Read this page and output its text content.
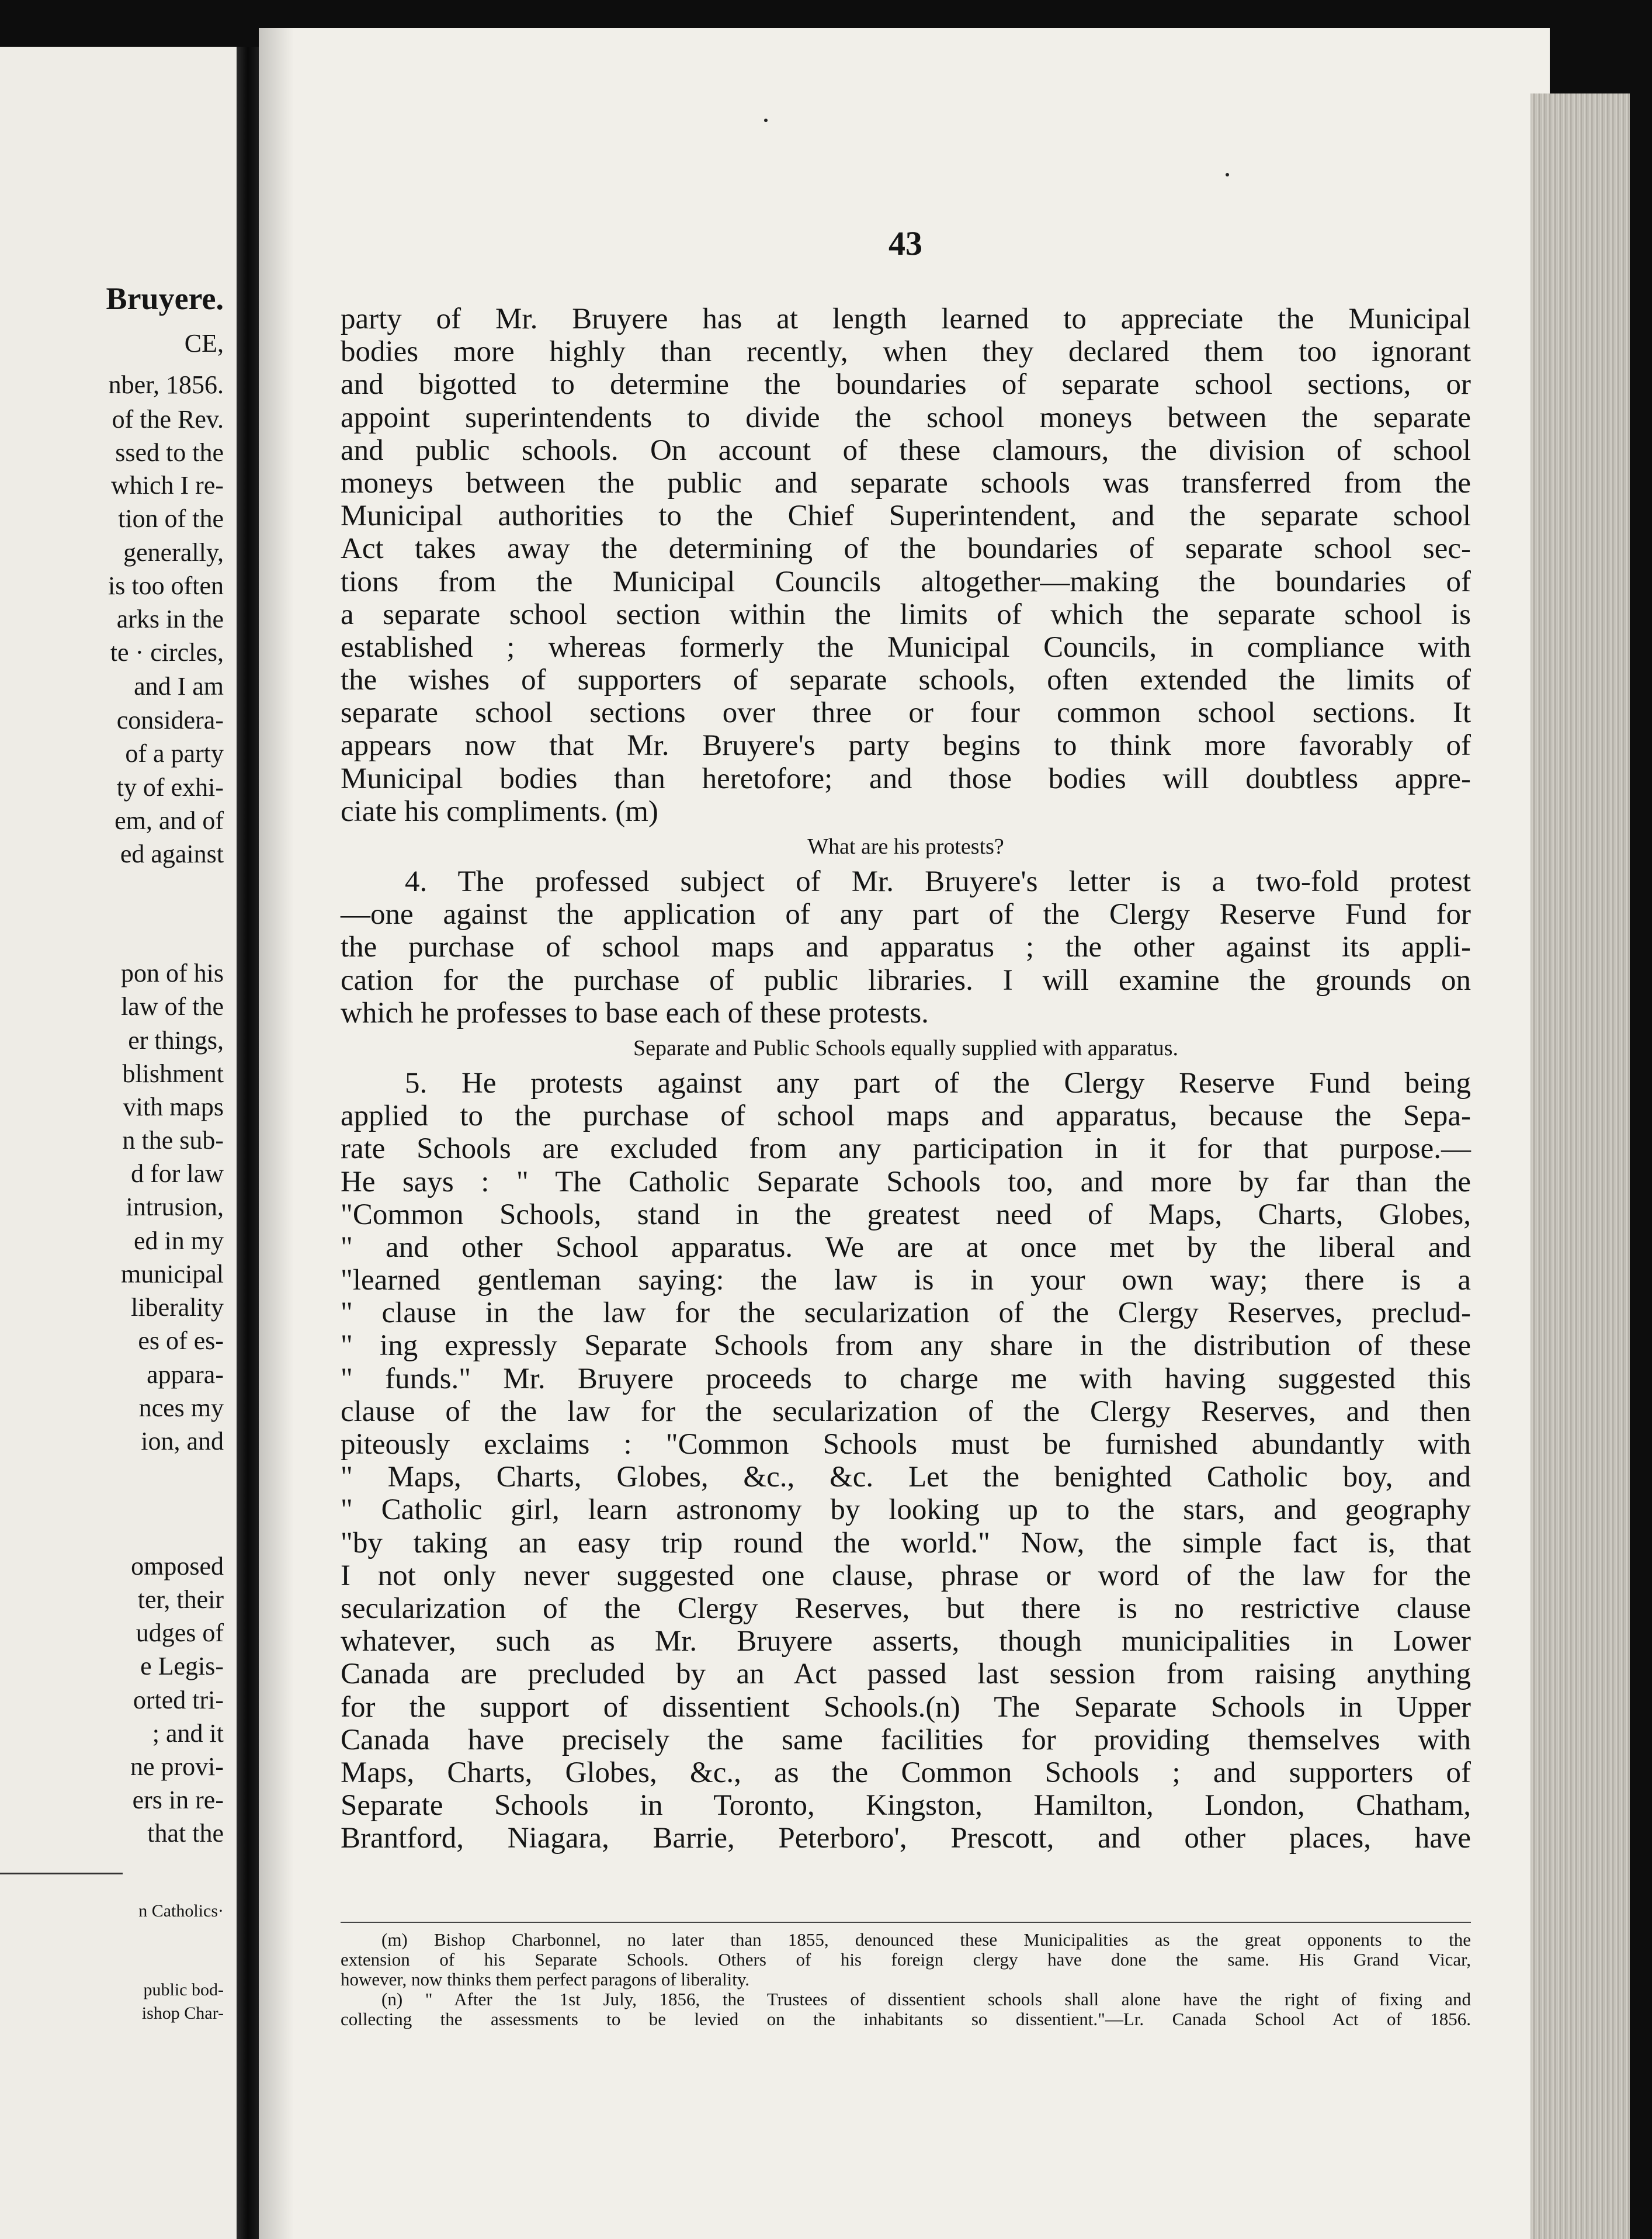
Bruyere.
CE,
nber, 1856.
of the Rev.
ssed to the
which I re-
tion of the
generally,
is too often
arks in the
te · circles,
and I am
considera-
of a party
ty of exhi-
em, and of
ed against
pon of his
law of the
er things,
blishment
vith maps
n the sub-
d for law
intrusion,
ed in my
municipal
liberality
es of es-
apparа-
nces my
ion, and
omposed
ter, their
udges of
e Legis-
orted tri-
; and it
ne provi-
ers in re-
that the
n Catholics·
public bod-
ishop Char-
43
party of Mr. Bruyere has at length learned to appreciate the Municipal
bodies more highly than recently, when they declared them too ignorant
and bigotted to determine the boundaries of separate school sections, or
appoint superintendents to divide the school moneys between the separate
and public schools. On account of these clamours, the division of school
moneys between the public and separate schools was transferred from the
Municipal authorities to the Chief Superintendent, and the separate school
Act takes away the determining of the boundaries of separate school sec-
tions from the Municipal Councils altogether—making the boundaries of
a separate school section within the limits of which the separate school is
established ; whereas formerly the Municipal Councils, in compliance with
the wishes of supporters of separate schools, often extended the limits of
separate school sections over three or four common school sections. It
appears now that Mr. Bruyere's party begins to think more favorably of
Municipal bodies than heretofore; and those bodies will doubtless appre-
ciate his compliments. (m)
What are his protests?
4. The professed subject of Mr. Bruyere's letter is a two-fold protest
—one against the application of any part of the Clergy Reserve Fund for
the purchase of school maps and apparatus ; the other against its appli-
cation for the purchase of public libraries. I will examine the grounds on
which he professes to base each of these protests.
Separate and Public Schools equally supplied with apparatus.
5. He protests against any part of the Clergy Reserve Fund being
applied to the purchase of school maps and apparatus, because the Sepa-
rate Schools are excluded from any participation in it for that purpose.—
He says : " The Catholic Separate Schools too, and more by far than the
"Common Schools, stand in the greatest need of Maps, Charts, Globes,
" and other School apparatus. We are at once met by the liberal and
"learned gentleman saying: the law is in your own way; there is a
" clause in the law for the secularization of the Clergy Reserves, preclud-
" ing expressly Separate Schools from any share in the distribution of these
" funds." Mr. Bruyere proceeds to charge me with having suggested this
clause of the law for the secularization of the Clergy Reserves, and then
piteously exclaims : "Common Schools must be furnished abundantly with
" Maps, Charts, Globes, &c., &c. Let the benighted Catholic boy, and
" Catholic girl, learn astronomy by looking up to the stars, and geography
"by taking an easy trip round the world." Now, the simple fact is, that
I not only never suggested one clause, phrase or word of the law for the
secularization of the Clergy Reserves, but there is no restrictive clause
whatever, such as Mr. Bruyere asserts, though municipalities in Lower
Canada are precluded by an Act passed last session from raising anything
for the support of dissentient Schools.(n) The Separate Schools in Upper
Canada have precisely the same facilities for providing themselves with
Maps, Charts, Globes, &c., as the Common Schools ; and supporters of
Separate Schools in Toronto, Kingston, Hamilton, London, Chatham,
Brantford, Niagara, Barrie, Peterboro', Prescott, and other places, have
(m) Bishop Charbonnel, no later than 1855, denounced these Municipalities as the great opponents to the
extension of his Separate Schools. Others of his foreign clergy have done the same. His Grand Vicar,
however, now thinks them perfect paragons of liberality.
(n) " After the 1st July, 1856, the Trustees of dissentient schools shall alone have the right of fixing and
collecting the assessments to be levied on the inhabitants so dissentient."—Lr. Canada School Act of 1856.
